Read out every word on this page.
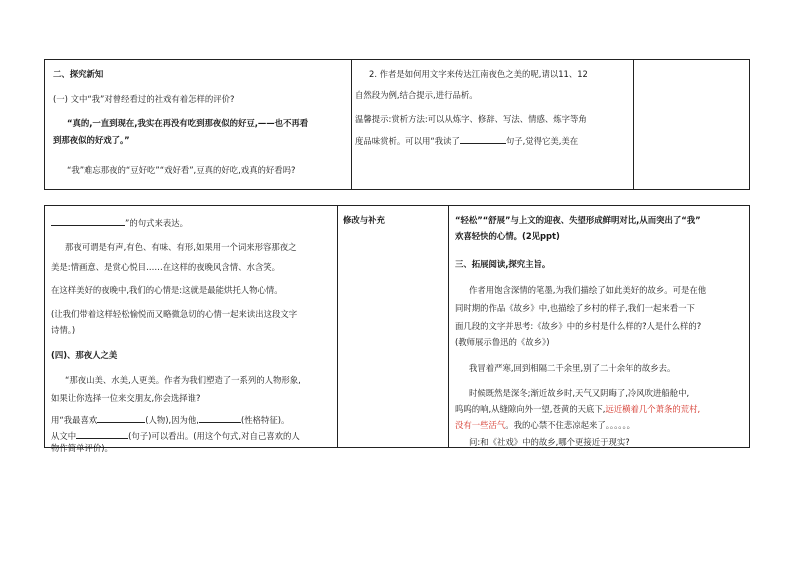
二、探究新知
(一) 文中“我”对曾经看过的社戏有着怎样的评价?
“真的,一直到现在,我实在再没有吃到那夜似的好豆,——也不再看
到那夜似的好戏了。”
“我”难忘那夜的“豆好吃”“戏好看”,豆真的好吃,戏真的好看吗?
2. 作者是如何用文字来传达江南夜色之美的呢,请以11、12
自然段为例,结合提示,进行品析。
温馨提示:赏析方法:可以从炼字、修辞、写法、情感、炼字等角
度品味赏析。可以用“我读了	句子,觉得它美,美在
”的句式来表达。
那夜可谓是有声,有色、有味、有形,如果用一个词来形容那夜之
美是:情画意、是赏心悦目……在这样的夜晚风含情、水含笑。
在这样美好的夜晚中,我们的心情是:这就是最能烘托人物心情。
(让我们带着这样轻松愉悦而又略微急切的心情一起来读出这段文字
诗情。)
(四)、那夜人之美
“那夜山美、水美,人更美。作者为我们塑造了一系列的人物形象,
如果让你选择一位来交朋友,你会选择谁?
用“我最喜欢	(人物),因为他,	(性格特征)。
从文中	(句子)可以看出。(用这个句式,对自己喜欢的人
物作简单评价)。
修改与补充	“轻松”“舒展”与上文的迎夜、失望形成鲜明对比,从而突出了“我”
欢喜轻快的心情。(2见ppt)
三、拓展阅读,探究主旨。
作者用饱含深情的笔墨,为我们描绘了如此美好的故乡。可是在他
同时期的作品《故乡》中,也描绘了乡村的样子,我们一起来看一下
面几段的文字并思考:《故乡》中的乡村是什么样的?人是什么样的?
(教师展示鲁迅的《故乡》)
我冒着严寒,回到相隔二千余里,别了二十余年的故乡去。
时候既然是深冬;渐近故乡时,天气又阴晦了,冷风吹进船舱中,
呜呜的响,从缝隙向外一望,苍黄的天底下,远近横着几个萧条的荒村,
没有一些活气。我的心禁不住悲凉起来了。。。。。。
问:和《社戏》中的故乡,哪个更接近于现实?
